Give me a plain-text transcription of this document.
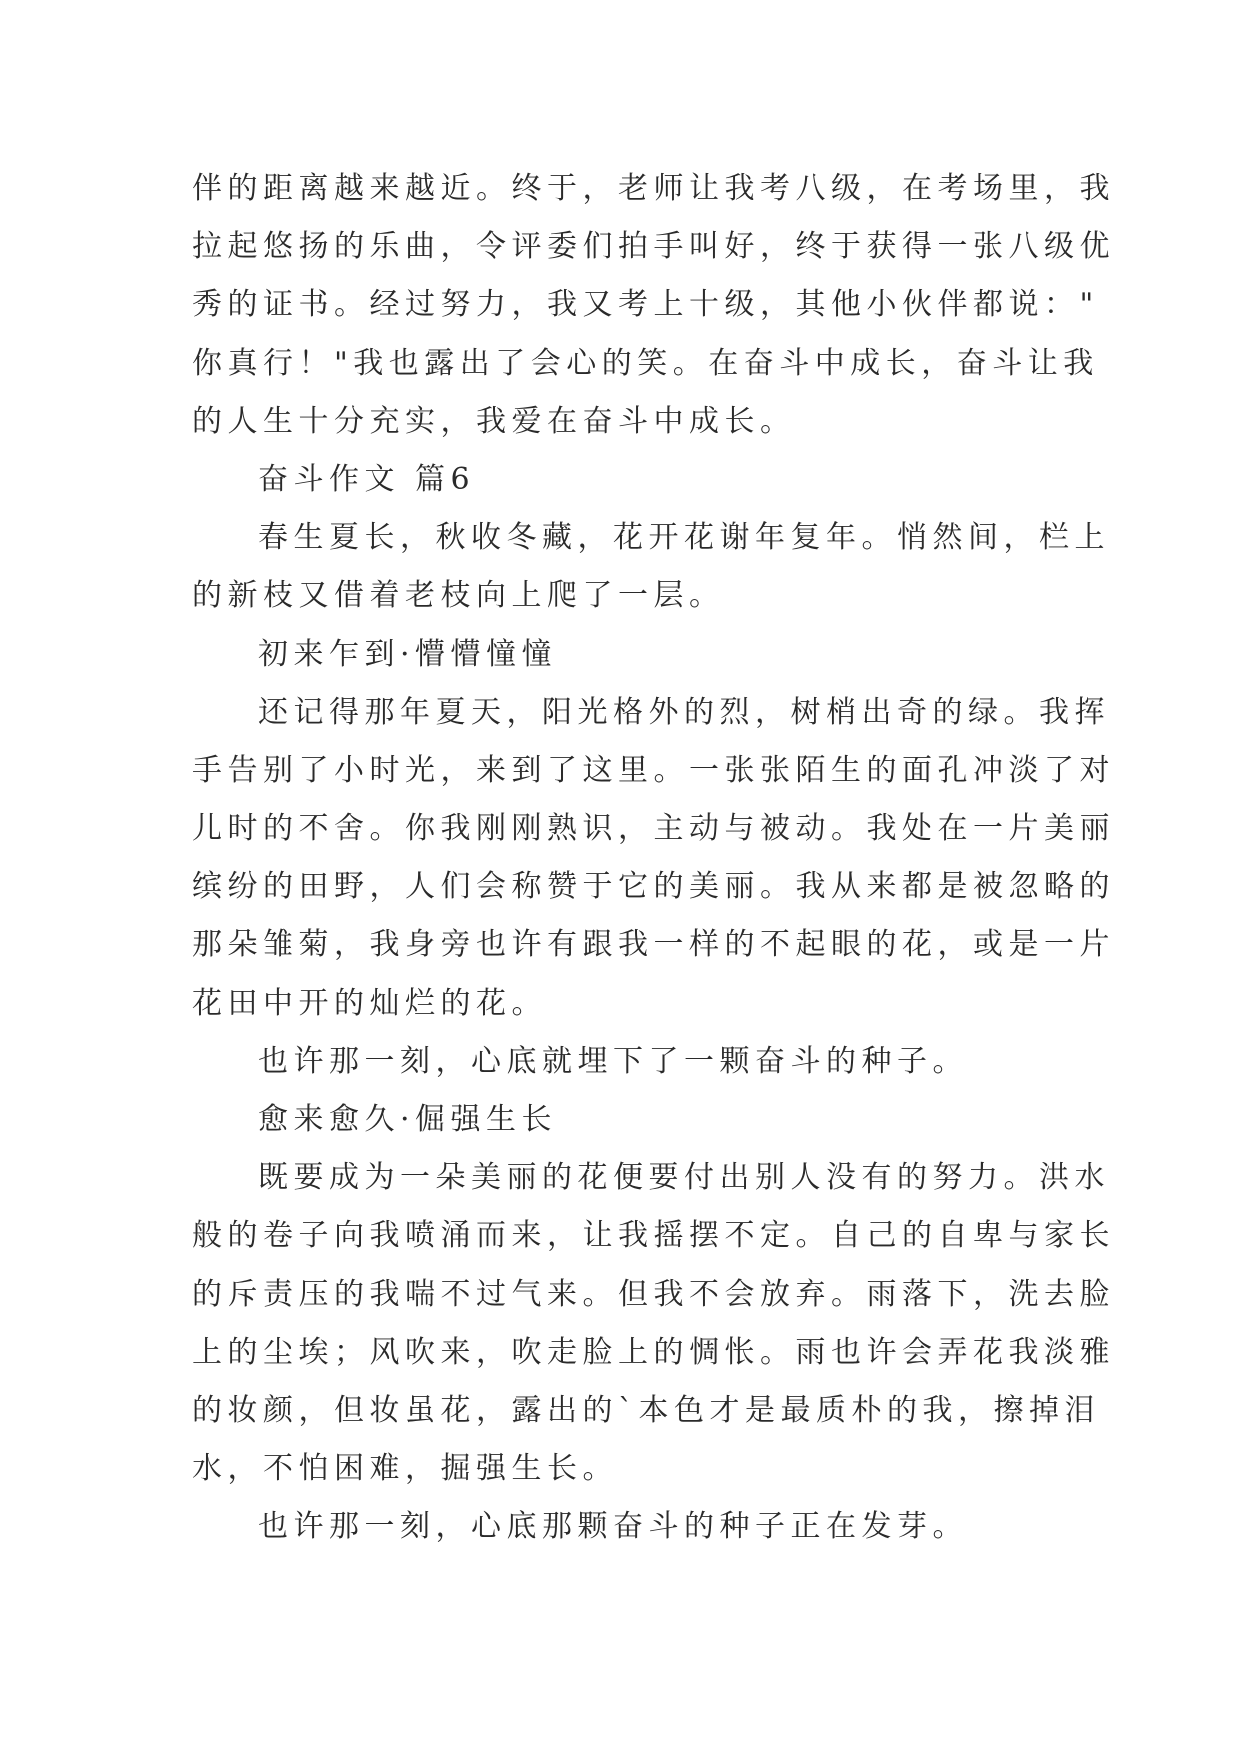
伴的距离越来越近。终于，老师让我考八级，在考场里，我

拉起悠扬的乐曲，令评委们拍手叫好，终于获得一张八级优

秀的证书。经过努力，我又考上十级，其他小伙伴都说："

你真行！"我也露出了会心的笑。在奋斗中成长，奋斗让我

的人生十分充实，我爱在奋斗中成长。

奋斗作文 篇6

春生夏长，秋收冬藏，花开花谢年复年。悄然间，栏上

的新枝又借着老枝向上爬了一层。

初来乍到·懵懵憧憧

还记得那年夏天，阳光格外的烈，树梢出奇的绿。我挥

手告别了小时光，来到了这里。一张张陌生的面孔冲淡了对

儿时的不舍。你我刚刚熟识，主动与被动。我处在一片美丽

缤纷的田野，人们会称赞于它的美丽。我从来都是被忽略的

那朵雏菊，我身旁也许有跟我一样的不起眼的花，或是一片

花田中开的灿烂的花。

也许那一刻，心底就埋下了一颗奋斗的种子。

愈来愈久·倔强生长

既要成为一朵美丽的花便要付出别人没有的努力。洪水

般的卷子向我喷涌而来，让我摇摆不定。自己的自卑与家长

的斥责压的我喘不过气来。但我不会放弃。雨落下，洗去脸

上的尘埃；风吹来，吹走脸上的惆怅。雨也许会弄花我淡雅

的妆颜，但妆虽花，露出的`本色才是最质朴的我，擦掉泪

水，不怕困难，掘强生长。

也许那一刻，心底那颗奋斗的种子正在发芽。
